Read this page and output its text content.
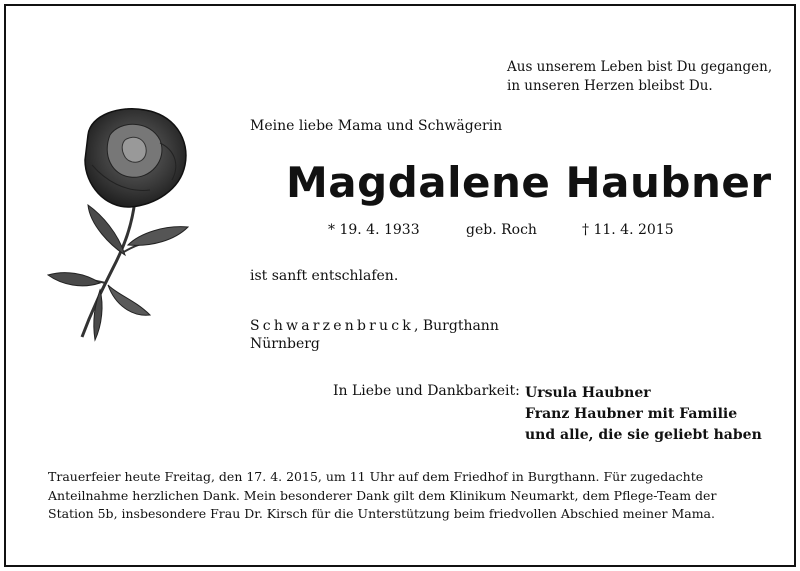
Aus unserem Leben bist Du gegangen,
in unseren Herzen bleibst Du.
Meine liebe Mama und Schwägerin
Magdalene Haubner
* 19. 4. 1933	geb. Roch	† 11. 4. 2015
ist sanft entschlafen.
Schwarzenbruck, Burgthann
Nürnberg
In Liebe und Dankbarkeit: Ursula Haubner
Franz Haubner mit Familie
und alle, die sie geliebt haben
Trauerfeier heute Freitag, den 17. 4. 2015, um 11 Uhr auf dem Friedhof in Burgthann. Für zugedachte Anteilnahme herzlichen Dank. Mein besonderer Dank gilt dem Klinikum Neumarkt, dem Pflege-Team der Station 5b, insbesondere Frau Dr. Kirsch für die Unterstützung beim friedvollen Abschied meiner Mama.
